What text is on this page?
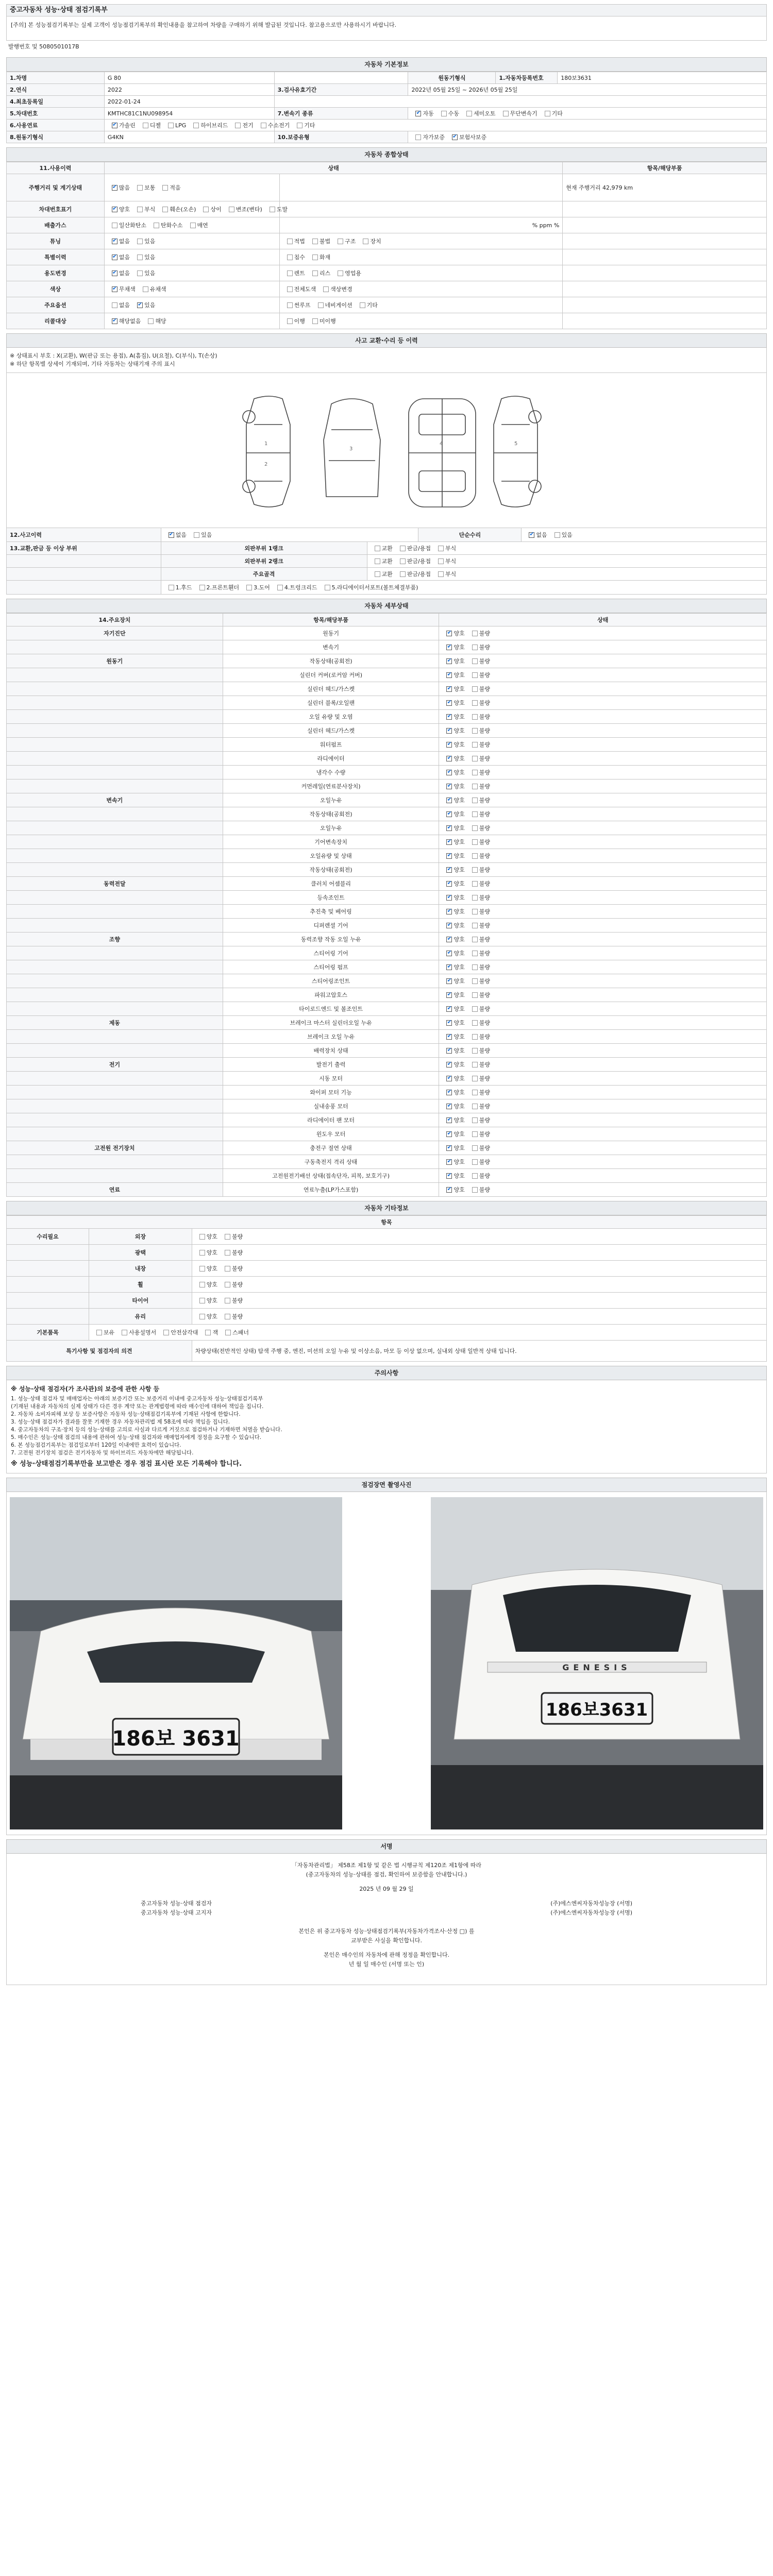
중고자동차 성능·상태 점검기록부
[주의] 본 성능점검기록부는 실제 고객이 성능점검기록부의 확인내용을 참고하여 차량을 구매하기 위해 발급된 것입니다. 참고용으로만 사용하시기 바랍니다.
발행번호 및 5080501017B
자동차 기본정보
1.차명	G 80	원동기형식	1.자동차등록번호	180보3631
2.연식	2022	3.검사유효기간	2022년 05월 25일 ~ 2026년 05월 25일
4.최초등록일	2022-01-24
5.차대번호	KMTHC81C1NU098954	7.변속기 종류 ✔	자동	수동	세미오토	무단변속기	기타
6.사용연료 ✔	가솔린	디젤	LPG	하이브리드	전기	수소전기	기타
8.원동기형식	G4KN	10.보증유형	자가보증 ✔	보험사보증
자동차 종합상태
11.사용이력	상태	항목/해당부품
주행거리 및 계기상태 ✔	많음	보통	적음	현재 주행거리 42,979 km
차대번호표기 ✔	양호	부식	훼손(오손)	상이	변조(변타)	도말
배출가스	일산화탄소	탄화수소	매연	% ppm %
튜닝 ✔	없음	있음	적법	불법	구조	장치
특별이력 ✔	없음	있음	침수	화재
용도변경 ✔	없음	있음	렌트	리스	영업용
색상 ✔	무채색	유채색	전체도색	색상변경
주요옵션	없음 ✔	있음	썬루프	네비게이션	기타
리콜대상 ✔	해당없음	해당	이행	미이행
사고 교환·수리 등 이력
※ 상태표시 부호 : X(교환), W(판금 또는 용접), A(흠집), U(요철), C(부식), T(손상)
※ 하단 항목별 상세이 기재되며, 기타 자동차는 상태기재 주의 표시
1
2
3
4	5
12.사고이력 ✔	없음	있음	단순수리 ✔	없음	있음
13.교환,판금 등 이상 부위	외판부위 1랭크	교환	판금/용접	부식
외판부위 2랭크	교환	판금/용접	부식
주요골격	교환	판금/용접	부식
1.후드	2.프론트휀더	3.도어	4.트렁크리드	5.라디에이터서포트(볼트체결부품)
자동차 세부상태
14.주요장치	항목/해당부품	상태
자기진단	원동기 ✔	양호	불량
변속기 ✔	양호	불량
원동기	작동상태(공회전) ✔	양호	불량
실린더 커버(로커암 커버) ✔	양호	불량
실린더 헤드/가스켓 ✔	양호	불량
실린더 블록/오일팬 ✔	양호	불량
오일 유량 및 오염 ✔	양호	불량
실린더 헤드/가스켓 ✔	양호	불량
워터펌프 ✔	양호	불량
라디에이터 ✔	양호	불량
냉각수 수량 ✔	양호	불량
커먼레일(연료분사장치) ✔	양호	불량
변속기	오일누유 ✔	양호	불량
작동상태(공회전) ✔	양호	불량
오일누유 ✔	양호	불량
기어변속장치 ✔	양호	불량
오일유량 및 상태 ✔	양호	불량
작동상태(공회전) ✔	양호	불량
동력전달	클러치 어셈블리 ✔	양호	불량
등속조인트 ✔	양호	불량
추진축 및 베어링 ✔	양호	불량
디퍼렌셜 기어 ✔	양호	불량
조향	동력조향 작동 오일 누유 ✔	양호	불량
스티어링 기어 ✔	양호	불량
스티어링 펌프 ✔	양호	불량
스티어링조인트 ✔	양호	불량
파워고압호스 ✔	양호	불량
타이로드엔드 및 볼조인트 ✔	양호	불량
제동	브레이크 마스터 실린더오일 누유 ✔	양호	불량
브레이크 오일 누유 ✔	양호	불량
배력장치 상태 ✔	양호	불량
전기	발전기 출력 ✔	양호	불량
시동 모터 ✔	양호	불량
와이퍼 모터 기능 ✔	양호	불량
실내송풍 모터 ✔	양호	불량
라디에이터 팬 모터 ✔	양호	불량
윈도우 모터 ✔	양호	불량
고전원 전기장치	충전구 절연 상태 ✔	양호	불량
구동축전지 격리 상태 ✔	양호	불량
고전원전기배선 상태(접속단자, 피복, 보호기구) ✔	양호	불량
연료	연료누출(LP가스포함) ✔	양호	불량
자동차 기타정보
항목
수리필요	외장	양호	불량
광택	양호	불량
내장	양호	불량
휠	양호	불량
타이어	양호	불량
유리	양호	불량
기본품목	보유	사용설명서	안전삼각대	잭	스패너
특기사항 및 점검자의 의견	차량상태(전반적인 상태) 탐색 주행 중, 엔진, 미션의 오일 누유 및 이상소음, 마모 등 이상 없으며, 실내외 상태 일반적 상태 입니다.
주의사항
※ 성능·상태 점검자(가 조사관)의 보증에 관한 사항 등
1. 성능·상태 점검자 및 매매업자는 아래의 보증기간 또는 보증거리 이내에 중고자동차 성능·상태점검기록부
(기재된 내용과 자동차의 실제 상태가 다른 경우 계약 또는 관계법령에 따라 매수인에 대하여 책임을 집니다.
2. 자동차 소비자피해 보상 등 보증사항은 자동차 성능·상태점검기록부에 기재된 사항에 한합니다.
3. 성능·상태 점검자가 결과를 잘못 기재한 경우 자동차관리법 제 58조에 따라 책임을 집니다.
4. 중고자동차의 구조·장치 등의 성능·상태를 고의로 사실과 다르게 거짓으로 점검하거나 기재하면 처벌을 받습니다.
5. 매수인은 성능·상태 점검의 내용에 관하여 성능·상태 점검자와 매매업자에게 정정을 요구할 수 있습니다.
6. 본 성능점검기록부는 점검일로부터 120일 이내에만 효력이 있습니다.
7. 고전원 전기장치 점검은 전기자동차 및 하이브리드 자동차에만 해당됩니다.
※ 성능·상태점검기록부만을 보고받은 경우 점검 표시란 모든 기록해야 합니다.
점검장면 촬영사진
186보 3631
GENESIS
186보3631
서명
「자동차관리법」 제58조 제1항 및 같은 법 시행규칙 제120조 제1항에 따라
(중고자동차의 성능·상태를 점검, 확인하여 보증함을 안내합니다.)
2025 년 09 월 29 일
중고자동차 성능·상태 점검자	(주)에스엔씨자동차성능장 (서명)
중고자동차 성능·상태 고지자	(주)에스엔씨자동차성능장 (서명)
본인은 위 중고자동차 성능·상태점검기록부(자동차가격조사·산정 □) 를
교부받은 사실을 확인합니다.
본인은 매수인의 자동차에 관해 정정을 확인합니다.
년 월 일 매수인 (서명 또는 인)
